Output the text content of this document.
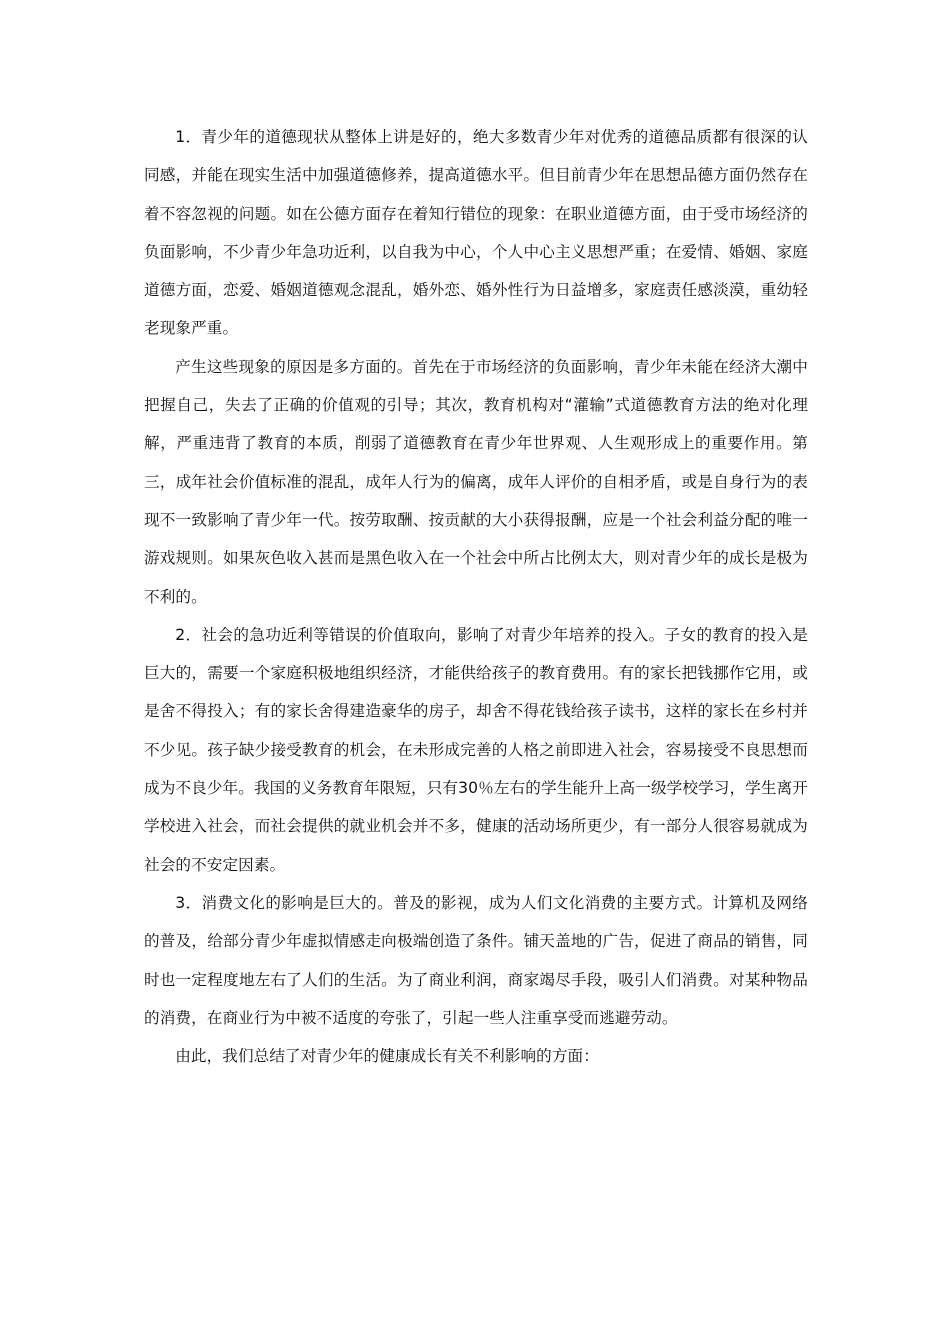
1．青少年的道德现状从整体上讲是好的，绝大多数青少年对优秀的道德品质都有很深的认同感，并能在现实生活中加强道德修养，提高道德水平。但目前青少年在思想品德方面仍然存在着不容忽视的问题。如在公德方面存在着知行错位的现象：在职业道德方面，由于受市场经济的负面影响，不少青少年急功近利，以自我为中心，个人中心主义思想严重；在爱情、婚姻、家庭道德方面，恋爱、婚姻道德观念混乱，婚外恋、婚外性行为日益增多，家庭责任感淡漠，重幼轻老现象严重。

产生这些现象的原因是多方面的。首先在于市场经济的负面影响，青少年未能在经济大潮中把握自己，失去了正确的价值观的引导；其次，教育机构对“灌输”式道德教育方法的绝对化理解，严重违背了教育的本质，削弱了道德教育在青少年世界观、人生观形成上的重要作用。第三，成年社会价值标准的混乱，成年人行为的偏离，成年人评价的自相矛盾，或是自身行为的表现不一致影响了青少年一代。按劳取酬、按贡献的大小获得报酬，应是一个社会利益分配的唯一游戏规则。如果灰色收入甚而是黑色收入在一个社会中所占比例太大，则对青少年的成长是极为不利的。

2．社会的急功近利等错误的价值取向，影响了对青少年培养的投入。子女的教育的投入是巨大的，需要一个家庭积极地组织经济，才能供给孩子的教育费用。有的家长把钱挪作它用，或是舍不得投入；有的家长舍得建造豪华的房子，却舍不得花钱给孩子读书，这样的家长在乡村并不少见。孩子缺少接受教育的机会，在未形成完善的人格之前即进入社会，容易接受不良思想而成为不良少年。我国的义务教育年限短，只有30％左右的学生能升上高一级学校学习，学生离开学校进入社会，而社会提供的就业机会并不多，健康的活动场所更少，有一部分人很容易就成为社会的不安定因素。

3．消费文化的影响是巨大的。普及的影视，成为人们文化消费的主要方式。计算机及网络的普及，给部分青少年虚拟情感走向极端创造了条件。铺天盖地的广告，促进了商品的销售，同时也一定程度地左右了人们的生活。为了商业利润，商家竭尽手段，吸引人们消费。对某种物品的消费，在商业行为中被不适度的夸张了，引起一些人注重享受而逃避劳动。

由此，我们总结了对青少年的健康成长有关不利影响的方面：
